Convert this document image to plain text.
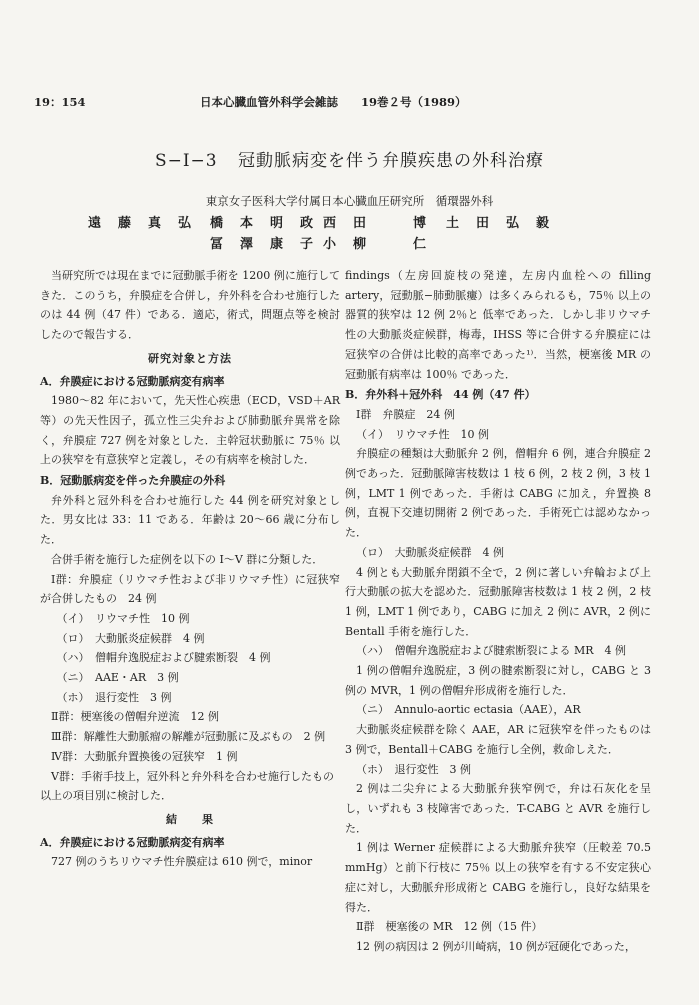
19：154	日本心臓血管外科学会雑誌　　19巻２号（1989）
S−I−3 冠動脈病変を伴う弁膜疾患の外科治療
東京女子医科大学付属日本心臓血圧研究所　循環器外科
遠　藤　真　弘 橋　本　明　政 西　田　　　博 土　田　弘　毅
冨　澤　康　子 小　柳　　　仁

当研究所では現在までに冠動脈手術を 1200 例に施行してきた．このうち，弁膜症を合併し，弁外科を合わせ施行したのは 44 例（47 件）である．適応，術式，問題点等を検討したので報告する．

研究対象と方法

A．弁膜症における冠動脈病変有病率

1980〜82 年において，先天性心疾患（ECD，VSD＋AR 等）の先天性因子，孤立性三尖弁および肺動脈弁異常を除く，弁膜症 727 例を対象とした．主幹冠状動脈に 75％ 以上の狭窄を有意狭窄と定義し，その有病率を検討した．

B．冠動脈病変を伴った弁膜症の外科

弁外科と冠外科を合わせ施行した 44 例を研究対象とした．男女比は 33：11 である．年齢は 20〜66 歳に分布した．

合併手術を施行した症例を以下の Ⅰ〜Ⅴ 群に分類した．

Ⅰ群：弁膜症（リウマチ性および非リウマチ性）に冠狭窄が合併したもの　24 例

（イ）　リウマチ性　10 例

（ロ）　大動脈炎症候群　4 例

（ハ）　僧帽弁逸脱症および腱索断裂　4 例

（ニ）　AAE・AR　3 例

（ホ）　退行変性　3 例

Ⅱ群：梗塞後の僧帽弁逆流　12 例

Ⅲ群：解離性大動脈瘤の解離が冠動脈に及ぶもの　2 例

Ⅳ群：大動脈弁置換後の冠狭窄　1 例

Ⅴ群：手術手技上，冠外科と弁外科を合わせ施行したもの

以上の項目別に検討した．

結　　果

A．弁膜症における冠動脈病変有病率

727 例のうちリウマチ性弁膜症は 610 例で，minor

findings（左房回旋枝の発達，左房内血栓への filling artery，冠動脈−肺動脈瘻）は多くみられるも，75％ 以上の器質的狭窄は 12 例 2％と 低率であった．しかし非リウマチ性の大動脈炎症候群，梅毒，IHSS 等に合併する弁膜症には冠狭窄の合併は比較的高率であった¹⁾．当然，梗塞後 MR の冠動脈有病率は 100％ であった．

B．弁外科＋冠外科　44 例（47 件）

Ⅰ群　弁膜症　24 例

（イ）　リウマチ性　10 例

弁膜症の種類は大動脈弁 2 例，僧帽弁 6 例，連合弁膜症 2 例であった．冠動脈障害枝数は 1 枝 6 例，2 枝 2 例，3 枝 1 例，LMT 1 例であった．手術は CABG に加え，弁置換 8 例，直視下交連切開術 2 例であった．手術死亡は認めなかった．

（ロ）　大動脈炎症候群　4 例

4 例とも大動脈弁閉鎖不全で，2 例に著しい弁輪および上行大動脈の拡大を認めた．冠動脈障害枝数は 1 枝 2 例，2 枝 1 例，LMT 1 例であり，CABG に加え 2 例に AVR，2 例に Bentall 手術を施行した．

（ハ）　僧帽弁逸脱症および腱索断裂による MR　4 例

1 例の僧帽弁逸脱症，3 例の腱索断裂に対し，CABG と 3 例の MVR，1 例の僧帽弁形成術を施行した．

（ニ）　Annulo-aortic ectasia（AAE），AR

大動脈炎症候群を除く AAE，AR に冠狭窄を伴ったものは 3 例で，Bentall＋CABG を施行し全例，救命しえた．

（ホ）　退行変性　3 例

2 例は二尖弁による大動脈弁狭窄例で，弁は石灰化を呈し，いずれも 3 枝障害であった．T-CABG と AVR を施行した．

1 例は Werner 症候群による大動脈弁狭窄（圧較差 70.5 mmHg）と前下行枝に 75％ 以上の狭窄を有する不安定狭心症に対し，大動脈弁形成術と CABG を施行し，良好な結果を得た．

Ⅱ群　梗塞後の MR　12 例（15 件）

12 例の病因は 2 例が川崎病，10 例が冠硬化であった，
